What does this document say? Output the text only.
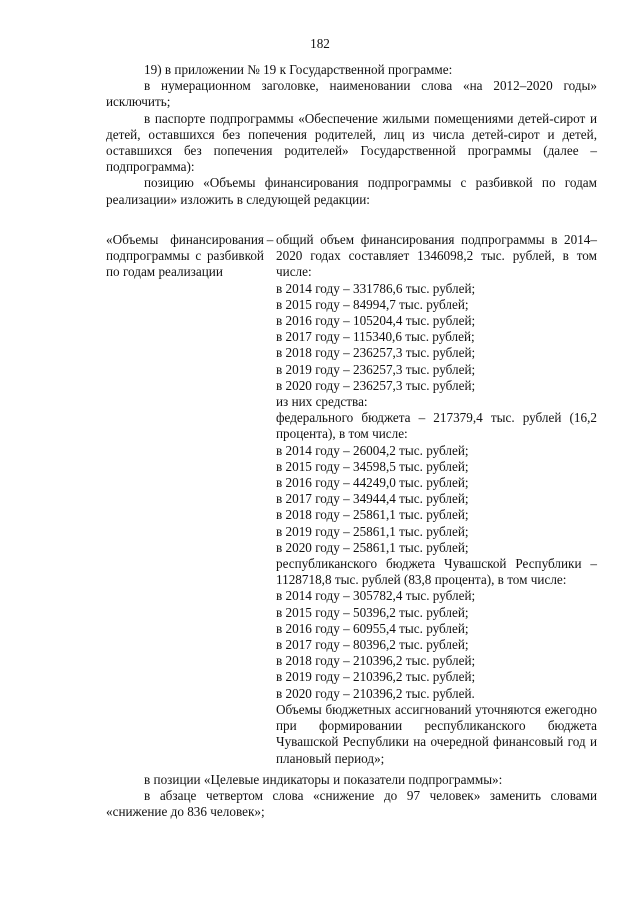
182

19) в приложении № 19 к Государственной программе:

в нумерационном заголовке, наименовании слова «на 2012–2020 годы» исключить;

в паспорте подпрограммы «Обеспечение жилыми помещениями детей-сирот и детей, оставшихся без попечения родителей, лиц из числа детей-сирот и детей, оставшихся без попечения родителей» Государственной программы (далее – подпрограмма):

позицию «Объемы финансирования подпрограммы с разбивкой по годам реализации» изложить в следующей редакции:

«Объемы финансирования подпрограммы с разбивкой по годам реализации
– общий объем финансирования подпрограммы в 2014–2020 годах составляет 1346098,2 тыс. рублей, в том числе:

в 2014 году – 331786,6 тыс. рублей;

в 2015 году – 84994,7 тыс. рублей;

в 2016 году – 105204,4 тыс. рублей;

в 2017 году – 115340,6 тыс. рублей;

в 2018 году – 236257,3 тыс. рублей;

в 2019 году – 236257,3 тыс. рублей;

в 2020 году – 236257,3 тыс. рублей;

из них средства:

федерального бюджета – 217379,4 тыс. рублей (16,2 процента), в том числе:

в 2014 году – 26004,2 тыс. рублей;

в 2015 году – 34598,5 тыс. рублей;

в 2016 году – 44249,0 тыс. рублей;

в 2017 году – 34944,4 тыс. рублей;

в 2018 году – 25861,1 тыс. рублей;

в 2019 году – 25861,1 тыс. рублей;

в 2020 году – 25861,1 тыс. рублей;

республиканского бюджета Чувашской Республики – 1128718,8 тыс. рублей (83,8 процента), в том числе:

в 2014 году – 305782,4 тыс. рублей;

в 2015 году – 50396,2 тыс. рублей;

в 2016 году – 60955,4 тыс. рублей;

в 2017 году – 80396,2 тыс. рублей;

в 2018 году – 210396,2 тыс. рублей;

в 2019 году – 210396,2 тыс. рублей;

в 2020 году – 210396,2 тыс. рублей.

Объемы бюджетных ассигнований уточняются ежегодно при формировании республиканского бюджета Чувашской Республики на очередной финансовый год и плановый период»;

в позиции «Целевые индикаторы и показатели подпрограммы»:

в абзаце четвертом слова «снижение до 97 человек» заменить словами «снижение до 836 человек»;
